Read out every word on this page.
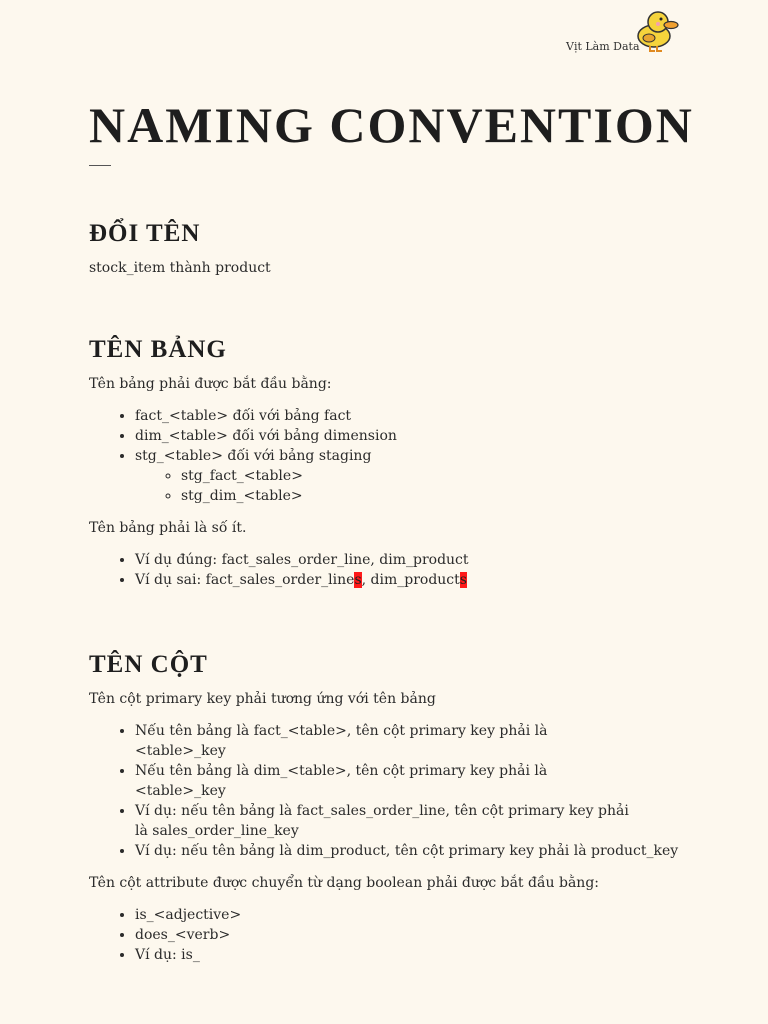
Vịt Làm Data
NAMING CONVENTION
ĐỔI TÊN

stock_item thành product

TÊN BẢNG

Tên bảng phải được bắt đầu bằng:

• fact_<table> đối với bảng fact
• dim_<table> đối với bảng dimension
• stg_<table> đối với bảng staging
◦ stg_fact_<table>
◦ stg_dim_<table>

Tên bảng phải là số ít.

• Ví dụ đúng: fact_sales_order_line, dim_product
• Ví dụ sai: fact_sales_order_lines, dim_products
TÊN CỘT

Tên cột primary key phải tương ứng với tên bảng

• Nếu tên bảng là fact_<table>, tên cột primary key phải là <table>_key
• Nếu tên bảng là dim_<table>, tên cột primary key phải là <table>_key
• Ví dụ: nếu tên bảng là fact_sales_order_line, tên cột primary key phải là sales_order_line_key
• Ví dụ: nếu tên bảng là dim_product, tên cột primary key phải là product_key

Tên cột attribute được chuyển từ dạng boolean phải được bắt đầu bằng:

• is_<adjective>
• does_<verb>
• Ví dụ: is_
